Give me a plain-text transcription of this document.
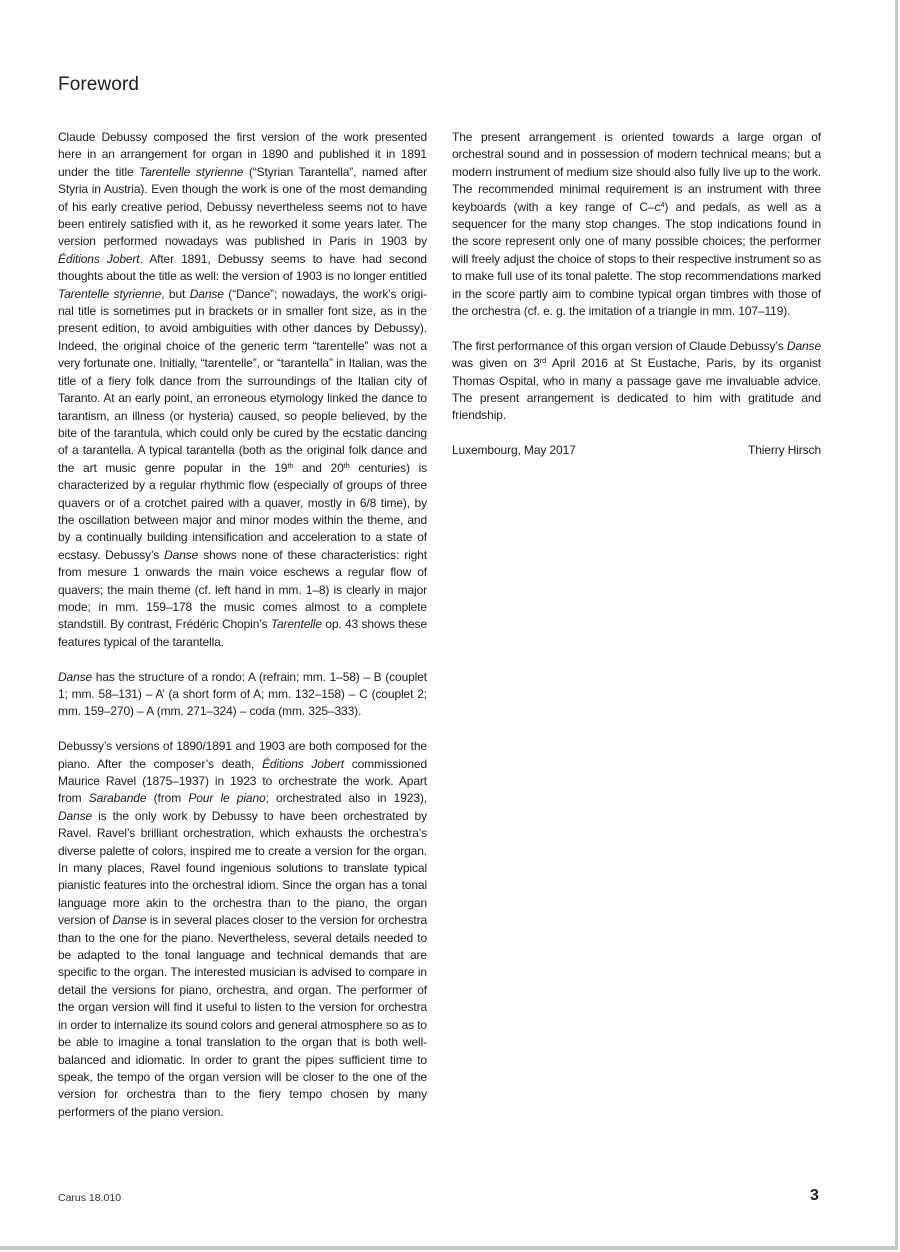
Foreword

Claude Debussy composed the first version of the work presented here in an arrangement for organ in 1890 and published it in 1891 under the title Tarentelle styrienne (“Styrian Tarantella”, named after Styria in Austria). Even though the work is one of the most demanding of his early creative period, Debussy nevertheless seems not to have been entirely satisfied with it, as he reworked it some years later. The version performed nowadays was published in Paris in 1903 by Éditions Jobert. After 1891, Debussy seems to have had second thoughts about the title as well: the version of 1903 is no longer entitled Tarentelle styrienne, but Danse (“Dance”; nowadays, the work’s original title is sometimes put in brackets or in smaller font size, as in the present edition, to avoid ambiguities with other dances by Debussy). Indeed, the original choice of the generic term “tarentelle” was not a very fortunate one. Initially, “tarentelle”, or “tarantella” in Italian, was the title of a fiery folk dance from the surroundings of the Italian city of Taranto. At an early point, an erroneous etymology linked the dance to tarantism, an illness (or hysteria) caused, so people believed, by the bite of the tarantula, which could only be cured by the ecstatic dancing of a tarantella. A typical tarantella (both as the original folk dance and the art music genre popular in the 19th and 20th centuries) is characterized by a regular rhythmic flow (especially of groups of three quavers or of a crotchet paired with a quaver, mostly in 6/8 time), by the oscillation between major and minor modes within the theme, and by a continually building intensification and acceleration to a state of ecstasy. Debussy’s Danse shows none of these characteristics: right from mesure 1 onwards the main voice eschews a regular flow of quavers; the main theme (cf. left hand in mm. 1–8) is clearly in major mode; in mm. 159–178 the music comes almost to a complete standstill. By contrast, Frédéric Chopin’s Tarentelle op. 43 shows these features typical of the tarantella.

Danse has the structure of a rondo: A (refrain; mm. 1–58) – B (couplet 1; mm. 58–131) – A’ (a short form of A; mm. 132–158) – C (couplet 2; mm. 159–270) – A (mm. 271–324) – coda (mm. 325–333).

Debussy’s versions of 1890/1891 and 1903 are both composed for the piano. After the composer’s death, Éditions Jobert commissioned Maurice Ravel (1875–1937) in 1923 to orchestrate the work. Apart from Sarabande (from Pour le piano; orchestrated also in 1923), Danse is the only work by Debussy to have been orchestrated by Ravel. Ravel’s brilliant orchestration, which exhausts the orchestra’s diverse palette of colors, inspired me to create a version for the organ. In many places, Ravel found ingenious solutions to translate typical pianistic features into the orchestral idiom. Since the organ has a tonal language more akin to the orchestra than to the piano, the organ version of Danse is in several places closer to the version for orchestra than to the one for the piano. Nevertheless, several details needed to be adapted to the tonal language and technical demands that are specific to the organ. The interested musician is advised to compare in detail the versions for piano, orchestra, and organ. The performer of the organ version will find it useful to listen to the version for orchestra in order to internalize its sound colors and general atmosphere so as to be able to imagine a tonal translation to the organ that is both well-balanced and idiomatic. In order to grant the pipes sufficient time to speak, the tempo of the organ version will be closer to the one of the version for orchestra than to the fiery tempo chosen by many performers of the piano version.

The present arrangement is oriented towards a large organ of orchestral sound and in possession of modern technical means; but a modern instrument of medium size should also fully live up to the work. The recommended minimal requirement is an instrument with three keyboards (with a key range of $C-c^4$) and pedals, as well as a sequencer for the many stop changes. The stop indications found in the score represent only one of many possible choices; the performer will freely adjust the choice of stops to their respective instrument so as to make full use of its tonal palette. The stop recommendations marked in the score partly aim to combine typical organ timbres with those of the orchestra (cf. e. g. the imitation of a triangle in mm. 107–119).

The first performance of this organ version of Claude Debussy’s Danse was given on 3rd April 2016 at St Eustache, Paris, by its organist Thomas Ospital, who in many a passage gave me invaluable advice. The present arrangement is dedicated to him with gratitude and friendship.

Luxembourg, May 2017	Thierry Hirsch
Carus 18.010	3
